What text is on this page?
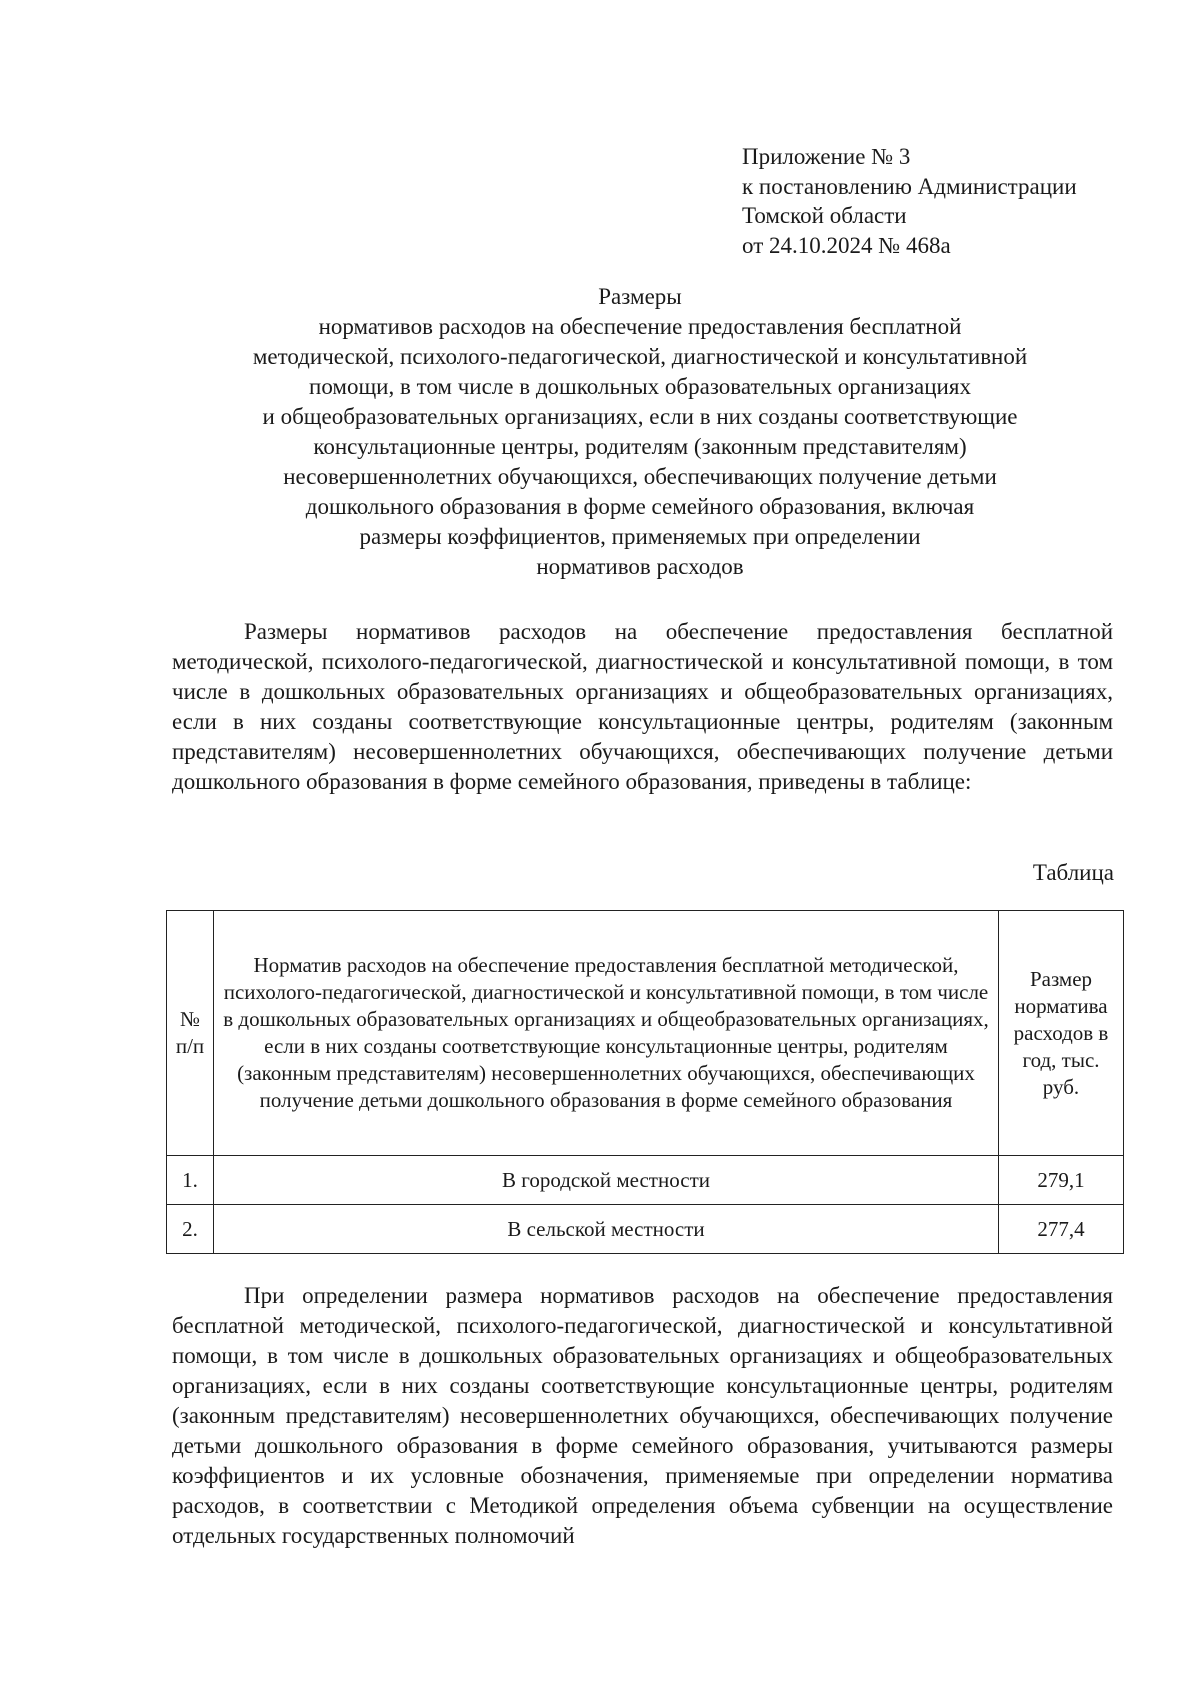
Приложение № 3
к постановлению Администрации
Томской области
от 24.10.2024 № 468а
Размеры
нормативов расходов на обеспечение предоставления бесплатной
методической, психолого-педагогической, диагностической и консультативной
помощи, в том числе в дошкольных образовательных организациях
и общеобразовательных организациях, если в них созданы соответствующие
консультационные центры, родителям (законным представителям)
несовершеннолетних обучающихся, обеспечивающих получение детьми
дошкольного образования в форме семейного образования, включая
размеры коэффициентов, применяемых при определении
нормативов расходов

Размеры нормативов расходов на обеспечение предоставления бесплатной методической, психолого-педагогической, диагностической и консультативной помощи, в том числе в дошкольных образовательных организациях и общеобразовательных организациях, если в них созданы соответствующие консультационные центры, родителям (законным представителям) несовершеннолетних обучающихся, обеспечивающих получение детьми дошкольного образования в форме семейного образования, приведены в таблице:

Таблица
№ п/п	Норматив расходов на обеспечение предоставления бесплатной методической, психолого-педагогической, диагностической и консультативной помощи, в том числе в дошкольных образовательных организациях и общеобразовательных организациях, если в них созданы соответствующие консультационные центры, родителям (законным представителям) несовершеннолетних обучающихся, обеспечивающих получение детьми дошкольного образования в форме семейного образования	Размер норматива расходов в год, тыс. руб.
1.	В городской местности	279,1
2.	В сельской местности	277,4

При определении размера нормативов расходов на обеспечение предоставления бесплатной методической, психолого-педагогической, диагностической и консультативной помощи, в том числе в дошкольных образовательных организациях и общеобразовательных организациях, если в них созданы соответствующие консультационные центры, родителям (законным представителям) несовершеннолетних обучающихся, обеспечивающих получение детьми дошкольного образования в форме семейного образования, учитываются размеры коэффициентов и их условные обозначения, применяемые при определении норматива расходов, в соответствии с Методикой определения объема субвенции на осуществление отдельных государственных полномочий
